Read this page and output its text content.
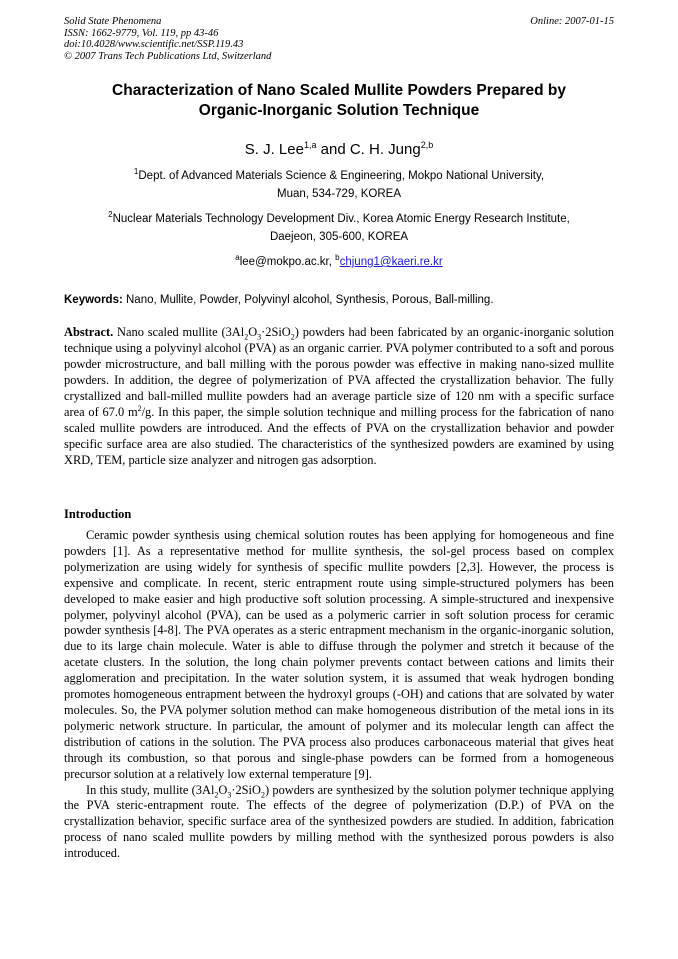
Solid State Phenomena
ISSN: 1662-9779, Vol. 119, pp 43-46
doi:10.4028/www.scientific.net/SSP.119.43
© 2007 Trans Tech Publications Ltd, Switzerland
Online: 2007-01-15
Characterization of Nano Scaled Mullite Powders Prepared by
Organic-Inorganic Solution Technique
S. J. Lee$^{1,a}$ and C. H. Jung$^{2,b}$
$^1$Dept. of Advanced Materials Science & Engineering, Mokpo National University,
Muan, 534-729, KOREA
$^2$Nuclear Materials Technology Development Div., Korea Atomic Energy Research Institute,
Daejeon, 305-600, KOREA
$^a$lee@mokpo.ac.kr, $^b$chjung1@kaeri.re.kr
Keywords: Nano, Mullite, Powder, Polyvinyl alcohol, Synthesis, Porous, Ball-milling.
Abstract. Nano scaled mullite $(3Al_2O_3\cdot 2SiO_2)$ powders had been fabricated by an organic-inorganic solution technique using a polyvinyl alcohol (PVA) as an organic carrier. PVA polymer contributed to a soft and porous powder microstructure, and ball milling with the porous powder was effective in making nano-sized mullite powders. In addition, the degree of polymerization of PVA affected the crystallization behavior. The fully crystallized and ball-milled mullite powders had an average particle size of 120 nm with a specific surface area of 67.0 $m^2/g$. In this paper, the simple solution technique and milling process for the fabrication of nano scaled mullite powders are introduced. And the effects of PVA on the crystallization behavior and powder specific surface area are also studied. The characteristics of the synthesized powders are examined by using XRD, TEM, particle size analyzer and nitrogen gas adsorption.
Introduction

Ceramic powder synthesis using chemical solution routes has been applying for homogeneous and fine powders [1]. As a representative method for mullite synthesis, the sol-gel process based on complex polymerization are using widely for synthesis of specific mullite powders [2,3]. However, the process is expensive and complicate. In recent, steric entrapment route using simple-structured polymers has been developed to make easier and high productive soft solution processing. A simple-structured and inexpensive polymer, polyvinyl alcohol (PVA), can be used as a polymeric carrier in soft solution process for ceramic powder synthesis [4-8]. The PVA operates as a steric entrapment mechanism in the organic-inorganic solution, due to its large chain molecule. Water is able to diffuse through the polymer and stretch it because of the acetate clusters. In the solution, the long chain polymer prevents contact between cations and limits their agglomeration and precipitation. In the water solution system, it is assumed that weak hydrogen bonding promotes homogeneous entrapment between the hydroxyl groups (-OH) and cations that are solvated by water molecules. So, the PVA polymer solution method can make homogeneous distribution of the metal ions in its polymeric network structure. In particular, the amount of polymer and its molecular length can affect the distribution of cations in the solution. The PVA process also produces carbonaceous material that gives heat through its combustion, so that porous and single-phase powders can be formed from a homogeneous precursor solution at a relatively low external temperature [9].

In this study, mullite $(3Al_2O_3\cdot 2SiO_2)$ powders are synthesized by the solution polymer technique applying the PVA steric-entrapment route. The effects of the degree of polymerization (D.P.) of PVA on the crystallization behavior, specific surface area of the synthesized powders are studied. In addition, fabrication process of nano scaled mullite powders by milling method with the synthesized porous powders is also introduced.
